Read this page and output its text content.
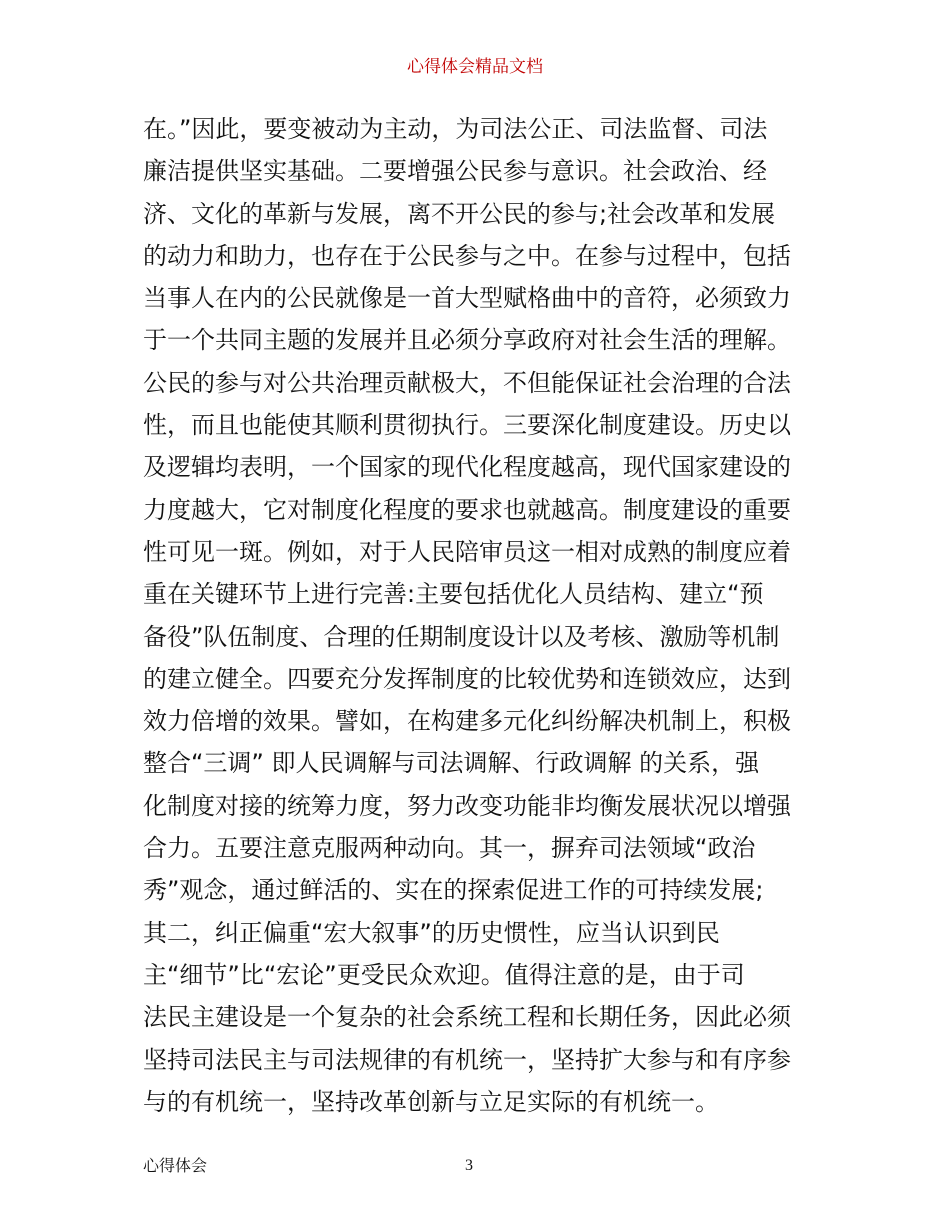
心得体会精品文档
在。”因此，要变被动为主动，为司法公正、司法监督、司法
廉洁提供坚实基础。二要增强公民参与意识。社会政治、经
济、文化的革新与发展，离不开公民的参与;社会改革和发展
的动力和助力，也存在于公民参与之中。在参与过程中，包括
当事人在内的公民就像是一首大型赋格曲中的音符，必须致力
于一个共同主题的发展并且必须分享政府对社会生活的理解。
公民的参与对公共治理贡献极大，不但能保证社会治理的合法
性，而且也能使其顺利贯彻执行。三要深化制度建设。历史以
及逻辑均表明，一个国家的现代化程度越高，现代国家建设的
力度越大，它对制度化程度的要求也就越高。制度建设的重要
性可见一斑。例如，对于人民陪审员这一相对成熟的制度应着
重在关键环节上进行完善:主要包括优化人员结构、建立“预
备役”队伍制度、合理的任期制度设计以及考核、激励等机制
的建立健全。四要充分发挥制度的比较优势和连锁效应，达到
效力倍增的效果。譬如，在构建多元化纠纷解决机制上，积极
整合“三调” 即人民调解与司法调解、行政调解 的关系，强
化制度对接的统筹力度，努力改变功能非均衡发展状况以增强
合力。五要注意克服两种动向。其一，摒弃司法领域“政治
秀”观念，通过鲜活的、实在的探索促进工作的可持续发展;
其二，纠正偏重“宏大叙事”的历史惯性，应当认识到民
主“细节”比“宏论”更受民众欢迎。值得注意的是，由于司
法民主建设是一个复杂的社会系统工程和长期任务，因此必须
坚持司法民主与司法规律的有机统一，坚持扩大参与和有序参
与的有机统一，坚持改革创新与立足实际的有机统一。
心得体会	3
